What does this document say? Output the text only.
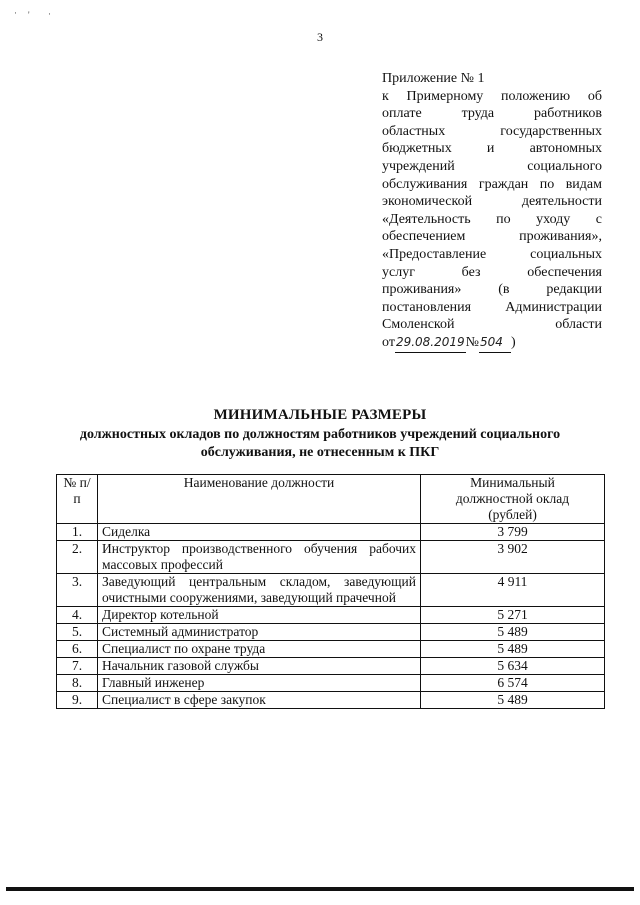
· ' ·
3
Приложение № 1
к Примерному положению об
оплате труда работников
областных государственных
бюджетных и автономных
учреждений социального
обслуживания граждан по видам
экономической деятельности
«Деятельность по уходу с
обеспечением проживания»,
«Предоставление социальных
услуг без обеспечения
проживания» (в редакции
постановления Администрации
Смоленской области
от 29.08.2019 № 504 )
МИНИМАЛЬНЫЕ РАЗМЕРЫ
должностных окладов по должностям работников учреждений социального обслуживания, не отнесенным к ПКГ
№ п/п	Наименование должности	Минимальный должностной оклад (рублей)
1.	Сиделка	3 799
2.	Инструктор производственного обучения рабочих массовых профессий	3 902
3.	Заведующий центральным складом, заведующий очистными сооружениями, заведующий прачечной	4 911
4.	Директор котельной	5 271
5.	Системный администратор	5 489
6.	Специалист по охране труда	5 489
7.	Начальник газовой службы	5 634
8.	Главный инженер	6 574
9.	Специалист в сфере закупок	5 489
